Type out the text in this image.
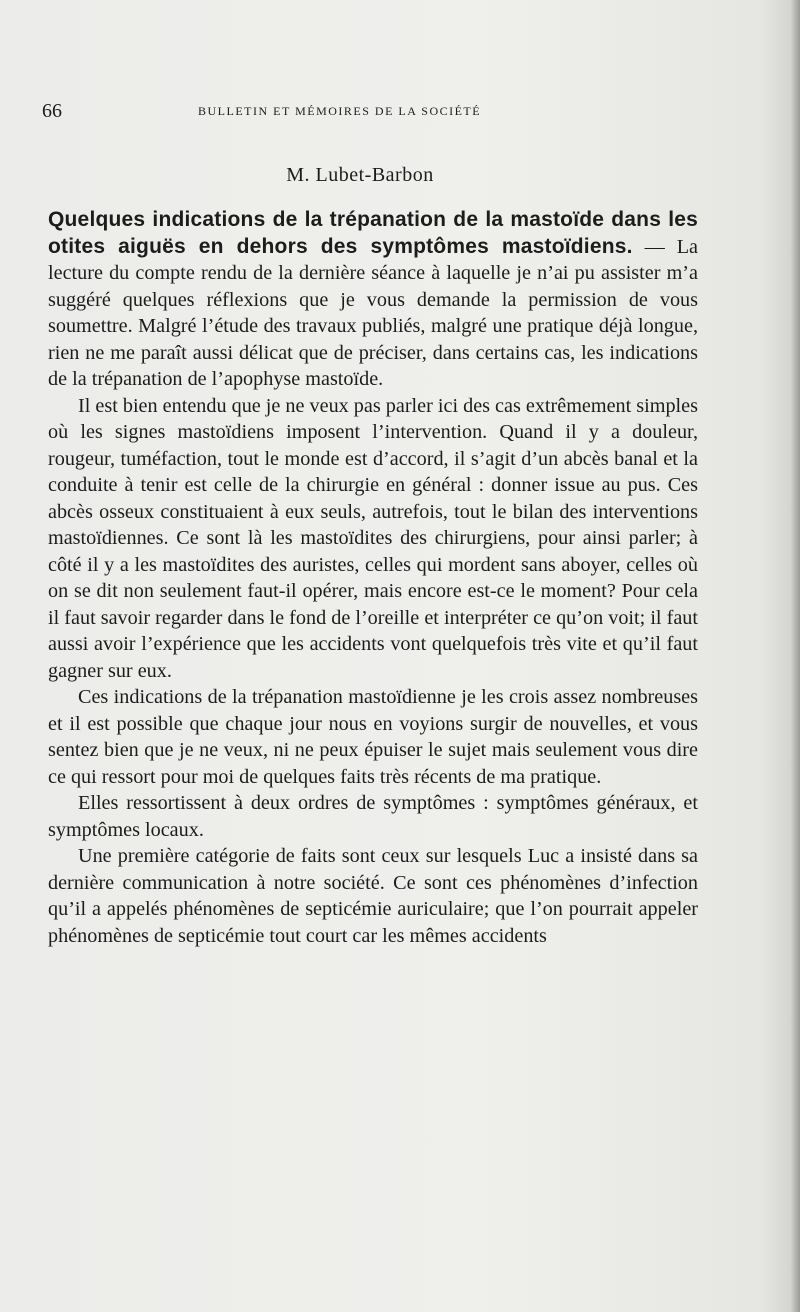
66	BULLETIN ET MÉMOIRES DE LA SOCIÉTÉ
M. Lubet-Barbon

Quelques indications de la trépanation de la mastoïde dans les otites aiguës en dehors des symptômes mastoïdiens. — La lecture du compte rendu de la dernière séance à laquelle je n’ai pu assister m’a suggéré quelques réflexions que je vous demande la permission de vous soumettre. Malgré l’étude des travaux publiés, malgré une pratique déjà longue, rien ne me paraît aussi délicat que de préciser, dans certains cas, les indications de la trépanation de l’apophyse mastoïde.

Il est bien entendu que je ne veux pas parler ici des cas extrêmement simples où les signes mastoïdiens imposent l’intervention. Quand il y a douleur, rougeur, tuméfaction, tout le monde est d’accord, il s’agit d’un abcès banal et la conduite à tenir est celle de la chirurgie en général : donner issue au pus. Ces abcès osseux constituaient à eux seuls, autrefois, tout le bilan des interventions mastoïdiennes. Ce sont là les mastoïdites des chirurgiens, pour ainsi parler; à côté il y a les mastoïdites des auristes, celles qui mordent sans aboyer, celles où on se dit non seulement faut-il opérer, mais encore est-ce le moment? Pour cela il faut savoir regarder dans le fond de l’oreille et interpréter ce qu’on voit; il faut aussi avoir l’expérience que les accidents vont quelquefois très vite et qu’il faut gagner sur eux.

Ces indications de la trépanation mastoïdienne je les crois assez nombreuses et il est possible que chaque jour nous en voyions surgir de nouvelles, et vous sentez bien que je ne veux, ni ne peux épuiser le sujet mais seulement vous dire ce qui ressort pour moi de quelques faits très récents de ma pratique.

Elles ressortissent à deux ordres de symptômes : symptômes généraux, et symptômes locaux.

Une première catégorie de faits sont ceux sur lesquels Luc a insisté dans sa dernière communication à notre société. Ce sont ces phénomènes d’infection qu’il a appelés phénomènes de septicémie auriculaire; que l’on pourrait appeler phénomènes de septicémie tout court car les mêmes accidents
